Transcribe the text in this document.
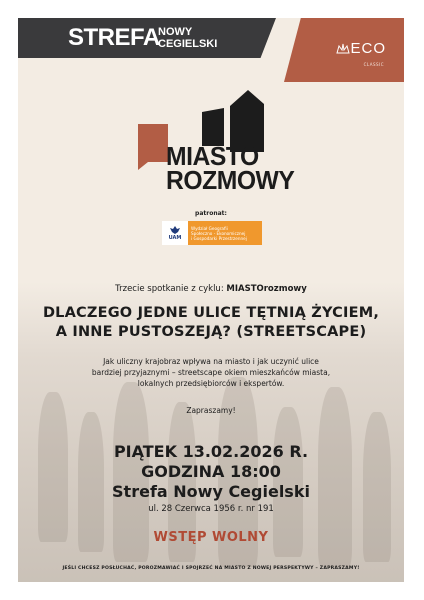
STREFA
NOWY
CEGIELSKI	ECO
CLASSIC
MIASTO
ROZMOWY
patronat:
UAM
Wydział Geografii
Społeczno - Ekonomicznej
i Gospodarki Przestrzennej
Trzecie spotkanie z cyklu: MIASTOrozmowy
DLACZEGO JEDNE ULICE TĘTNIĄ ŻYCIEM,
A INNE PUSTOSZEJĄ? (STREETSCAPE)
Jak uliczny krajobraz wpływa na miasto i jak uczynić ulice
bardziej przyjaznymi – streetscape okiem mieszkańców miasta,
lokalnych przedsiębiorców i ekspertów.
Zapraszamy!
PIĄTEK 13.02.2026 R.
GODZINA 18:00
Strefa Nowy Cegielski
ul. 28 Czerwca 1956 r. nr 191
WSTĘP WOLNY
JEŚLI CHCESZ POSŁUCHAĆ, POROZMAWIAĆ I SPOJRZEĆ NA MIASTO Z NOWEJ PERSPEKTYWY – ZAPRASZAMY!
